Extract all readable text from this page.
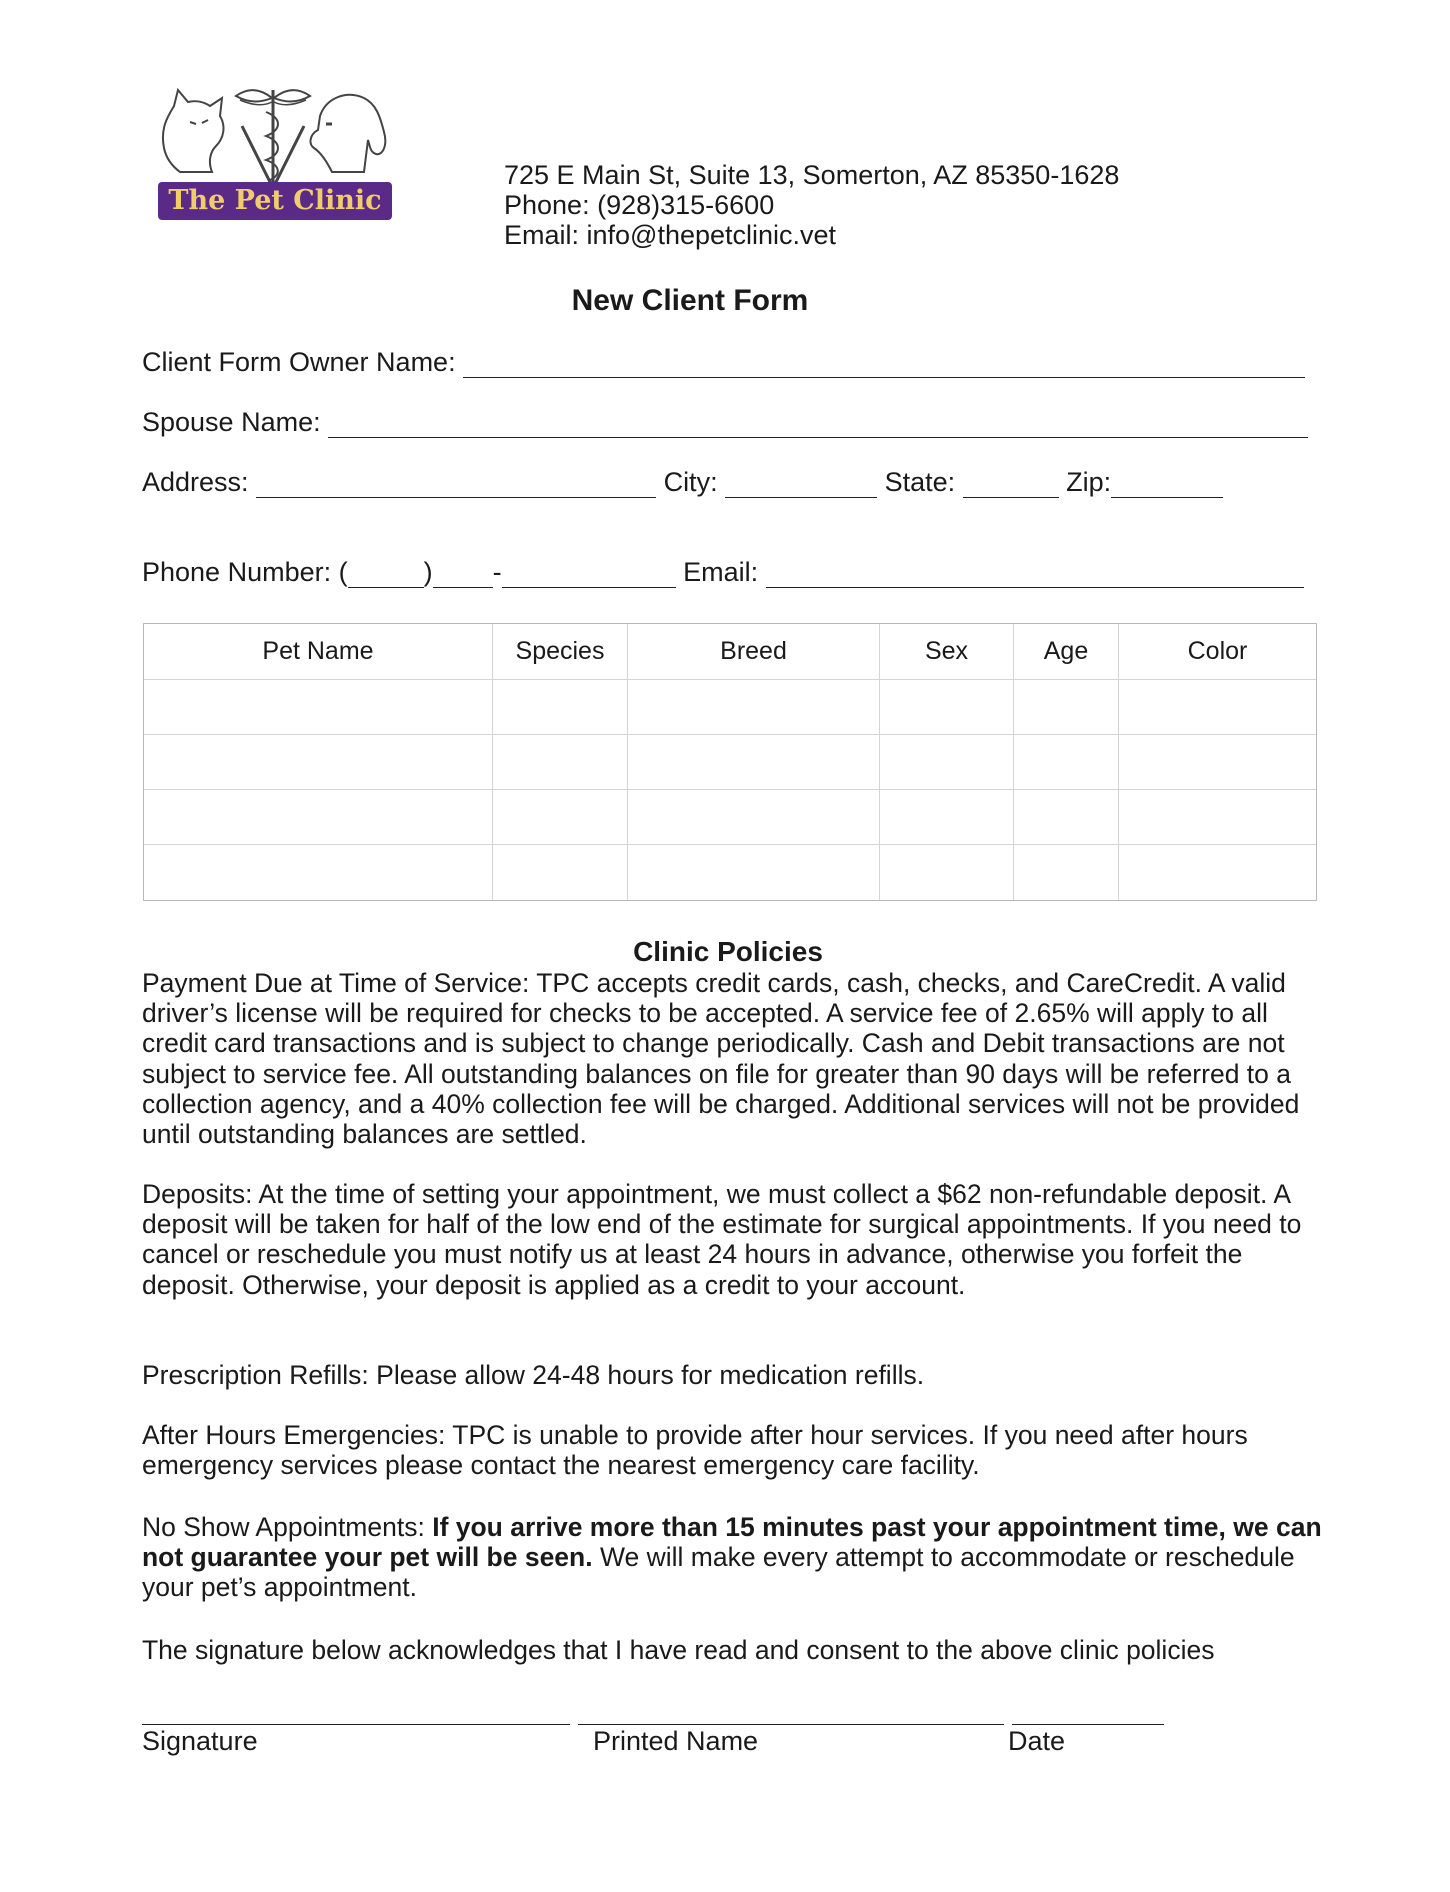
The Pet Clinic
725 E Main St, Suite 13, Somerton, AZ 85350-1628
Phone: (928)315-6600
Email: info@thepetclinic.vet
New Client Form
Client Form Owner Name:
Spouse Name:
Address:	City:	State:	Zip:
Phone Number: (	) -	Email:
Pet Name	Species	Breed	Sex	Age	Color
Clinic Policies
Payment Due at Time of Service: TPC accepts credit cards, cash, checks, and CareCredit. A valid driver’s license will be required for checks to be accepted. A service fee of 2.65% will apply to all credit card transactions and is subject to change periodically. Cash and Debit transactions are not subject to service fee. All outstanding balances on file for greater than 90 days will be referred to a collection agency, and a 40% collection fee will be charged. Additional services will not be provided until outstanding balances are settled.
Deposits: At the time of setting your appointment, we must collect a $62 non-refundable deposit. A deposit will be taken for half of the low end of the estimate for surgical appointments. If you need to cancel or reschedule you must notify us at least 24 hours in advance, otherwise you forfeit the deposit. Otherwise, your deposit is applied as a credit to your account.
Prescription Refills: Please allow 24-48 hours for medication refills.
After Hours Emergencies: TPC is unable to provide after hour services. If you need after hours emergency services please contact the nearest emergency care facility.
No Show Appointments: If you arrive more than 15 minutes past your appointment time, we can not guarantee your pet will be seen. We will make every attempt to accommodate or reschedule your pet’s appointment.
The signature below acknowledges that I have read and consent to the above clinic policies
Signature	Printed Name	Date
